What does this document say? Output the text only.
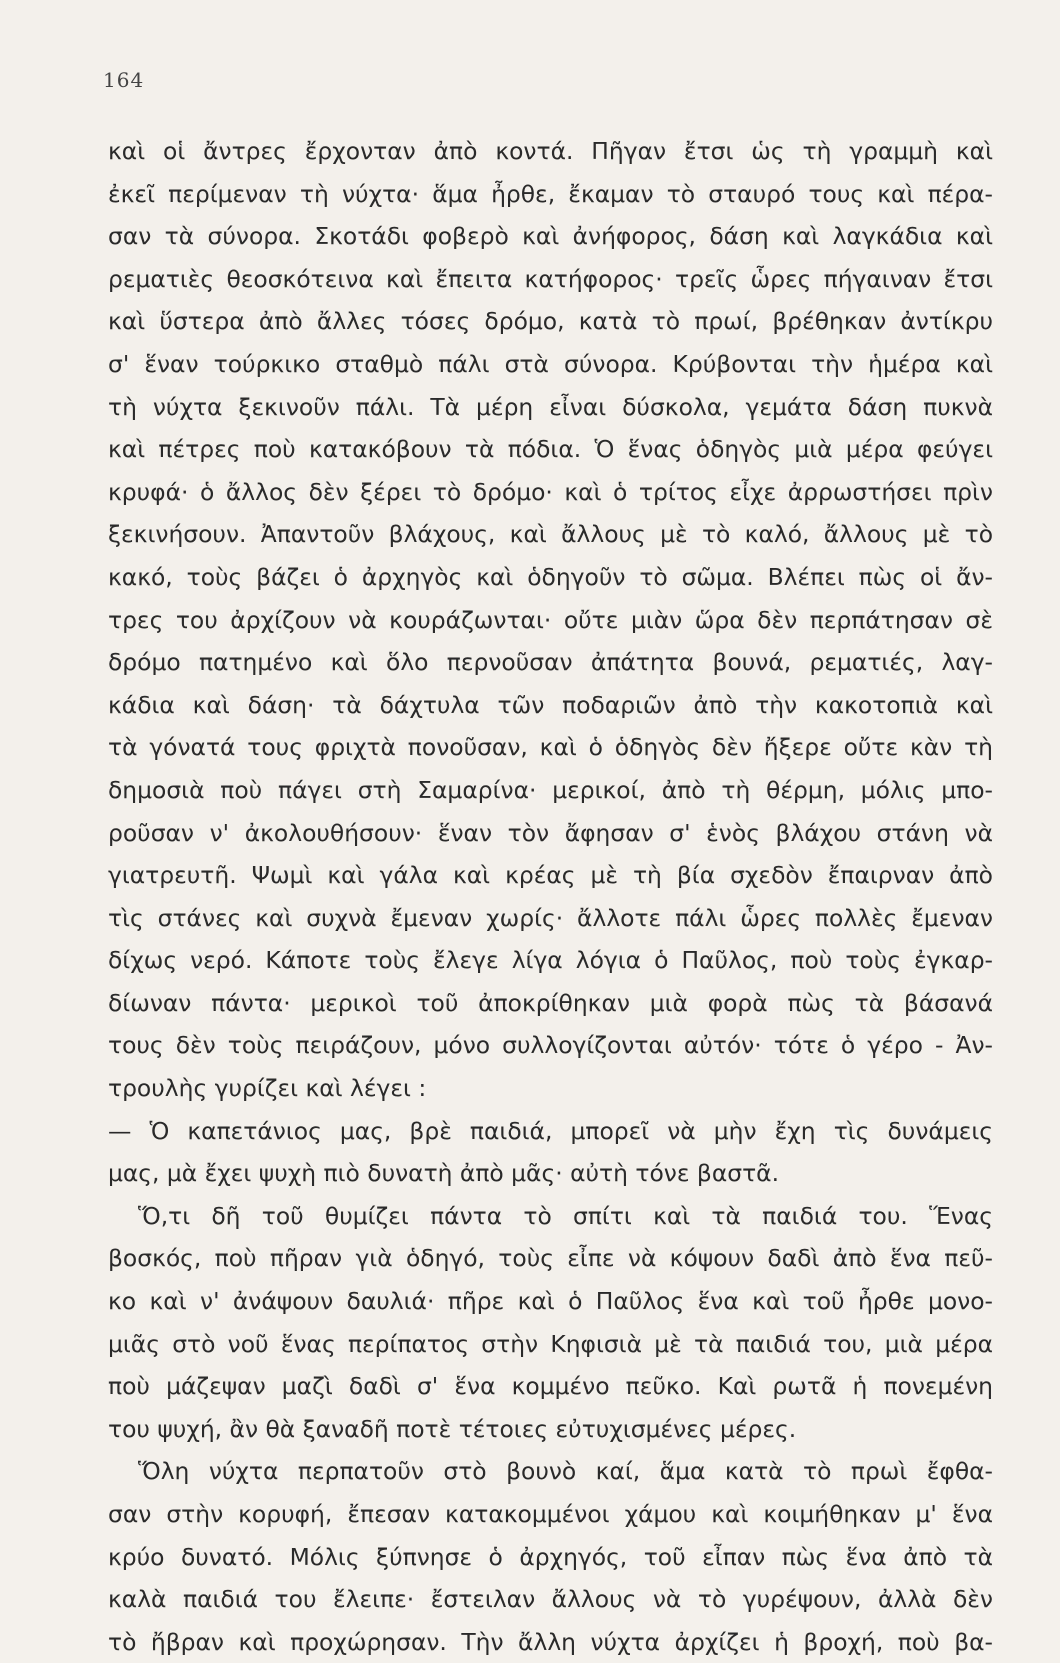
164
καὶ οἱ ἄντρες ἔρχονταν ἀπὸ κοντά. Πῆγαν ἔτσι ὡς τὴ γραμμὴ καὶ
ἐκεῖ περίμεναν τὴ νύχτα· ἅμα ἦρθε, ἔκαμαν τὸ σταυρό τους καὶ πέρα-
σαν τὰ σύνορα. Σκοτάδι φοβερὸ καὶ ἀνήφορος, δάση καὶ λαγκάδια καὶ
ρεματιὲς θεοσκότεινα καὶ ἔπειτα κατήφορος· τρεῖς ὧρες πήγαιναν ἔτσι
καὶ ὕστερα ἀπὸ ἄλλες τόσες δρόμο, κατὰ τὸ πρωί, βρέθηκαν ἀντίκρυ
σ' ἕναν τούρκικο σταθμὸ πάλι στὰ σύνορα. Κρύβονται τὴν ἡμέρα καὶ
τὴ νύχτα ξεκινοῦν πάλι. Τὰ μέρη εἶναι δύσκολα, γεμάτα δάση πυκνὰ
καὶ πέτρες ποὺ κατακόβουν τὰ πόδια. Ὁ ἕνας ὁδηγὸς μιὰ μέρα φεύγει
κρυφά· ὁ ἄλλος δὲν ξέρει τὸ δρόμο· καὶ ὁ τρίτος εἶχε ἀρρωστήσει πρὶν
ξεκινήσουν. Ἀπαντοῦν βλάχους, καὶ ἄλλους μὲ τὸ καλό, ἄλλους μὲ τὸ
κακό, τοὺς βάζει ὁ ἀρχηγὸς καὶ ὁδηγοῦν τὸ σῶμα. Βλέπει πὼς οἱ ἄν-
τρες του ἀρχίζουν νὰ κουράζωνται· οὔτε μιὰν ὥρα δὲν περπάτησαν σὲ
δρόμο πατημένο καὶ ὅλο περνοῦσαν ἀπάτητα βουνά, ρεματιές, λαγ-
κάδια καὶ δάση· τὰ δάχτυλα τῶν ποδαριῶν ἀπὸ τὴν κακοτοπιὰ καὶ
τὰ γόνατά τους φριχτὰ πονοῦσαν, καὶ ὁ ὁδηγὸς δὲν ἤξερε οὔτε κὰν τὴ
δημοσιὰ ποὺ πάγει στὴ Σαμαρίνα· μερικοί, ἀπὸ τὴ θέρμη, μόλις μπο-
ροῦσαν ν' ἀκολουθήσουν· ἕναν τὸν ἄφησαν σ' ἑνὸς βλάχου στάνη νὰ
γιατρευτῆ. Ψωμὶ καὶ γάλα καὶ κρέας μὲ τὴ βία σχεδὸν ἔπαιρναν ἀπὸ
τὶς στάνες καὶ συχνὰ ἔμεναν χωρίς· ἄλλοτε πάλι ὧρες πολλὲς ἔμεναν
δίχως νερό. Κάποτε τοὺς ἔλεγε λίγα λόγια ὁ Παῦλος, ποὺ τοὺς ἐγκαρ-
δίωναν πάντα· μερικοὶ τοῦ ἀποκρίθηκαν μιὰ φορὰ πὼς τὰ βάσανά
τους δὲν τοὺς πειράζουν, μόνο συλλογίζονται αὐτόν· τότε ὁ γέρο - Ἀν-
τρουλὴς γυρίζει καὶ λέγει :
— Ὁ καπετάνιος μας, βρὲ παιδιά, μπορεῖ νὰ μὴν ἔχη τὶς δυνάμεις
μας, μὰ ἔχει ψυχὴ πιὸ δυνατὴ ἀπὸ μᾶς· αὐτὴ τόνε βαστᾶ.
Ὅ,τι δῆ τοῦ θυμίζει πάντα τὸ σπίτι καὶ τὰ παιδιά του. Ἕνας
βοσκός, ποὺ πῆραν γιὰ ὁδηγό, τοὺς εἶπε νὰ κόψουν δαδὶ ἀπὸ ἕνα πεῦ-
κο καὶ ν' ἀνάψουν δαυλιά· πῆρε καὶ ὁ Παῦλος ἕνα καὶ τοῦ ἦρθε μονο-
μιᾶς στὸ νοῦ ἕνας περίπατος στὴν Κηφισιὰ μὲ τὰ παιδιά του, μιὰ μέρα
ποὺ μάζεψαν μαζὶ δαδὶ σ' ἕνα κομμένο πεῦκο. Καὶ ρωτᾶ ἡ πονεμένη
του ψυχή, ἂν θὰ ξαναδῆ ποτὲ τέτοιες εὐτυχισμένες μέρες.
Ὅλη νύχτα περπατοῦν στὸ βουνὸ καί, ἅμα κατὰ τὸ πρωὶ ἔφθα-
σαν στὴν κορυφή, ἔπεσαν κατακομμένοι χάμου καὶ κοιμήθηκαν μ' ἕνα
κρύο δυνατό. Μόλις ξύπνησε ὁ ἀρχηγός, τοῦ εἶπαν πὼς ἕνα ἀπὸ τὰ
καλὰ παιδιά του ἔλειπε· ἔστειλαν ἄλλους νὰ τὸ γυρέψουν, ἀλλὰ δὲν
τὸ ἤβραν καὶ προχώρησαν. Τὴν ἄλλη νύχτα ἀρχίζει ἡ βροχή, ποὺ βα-
